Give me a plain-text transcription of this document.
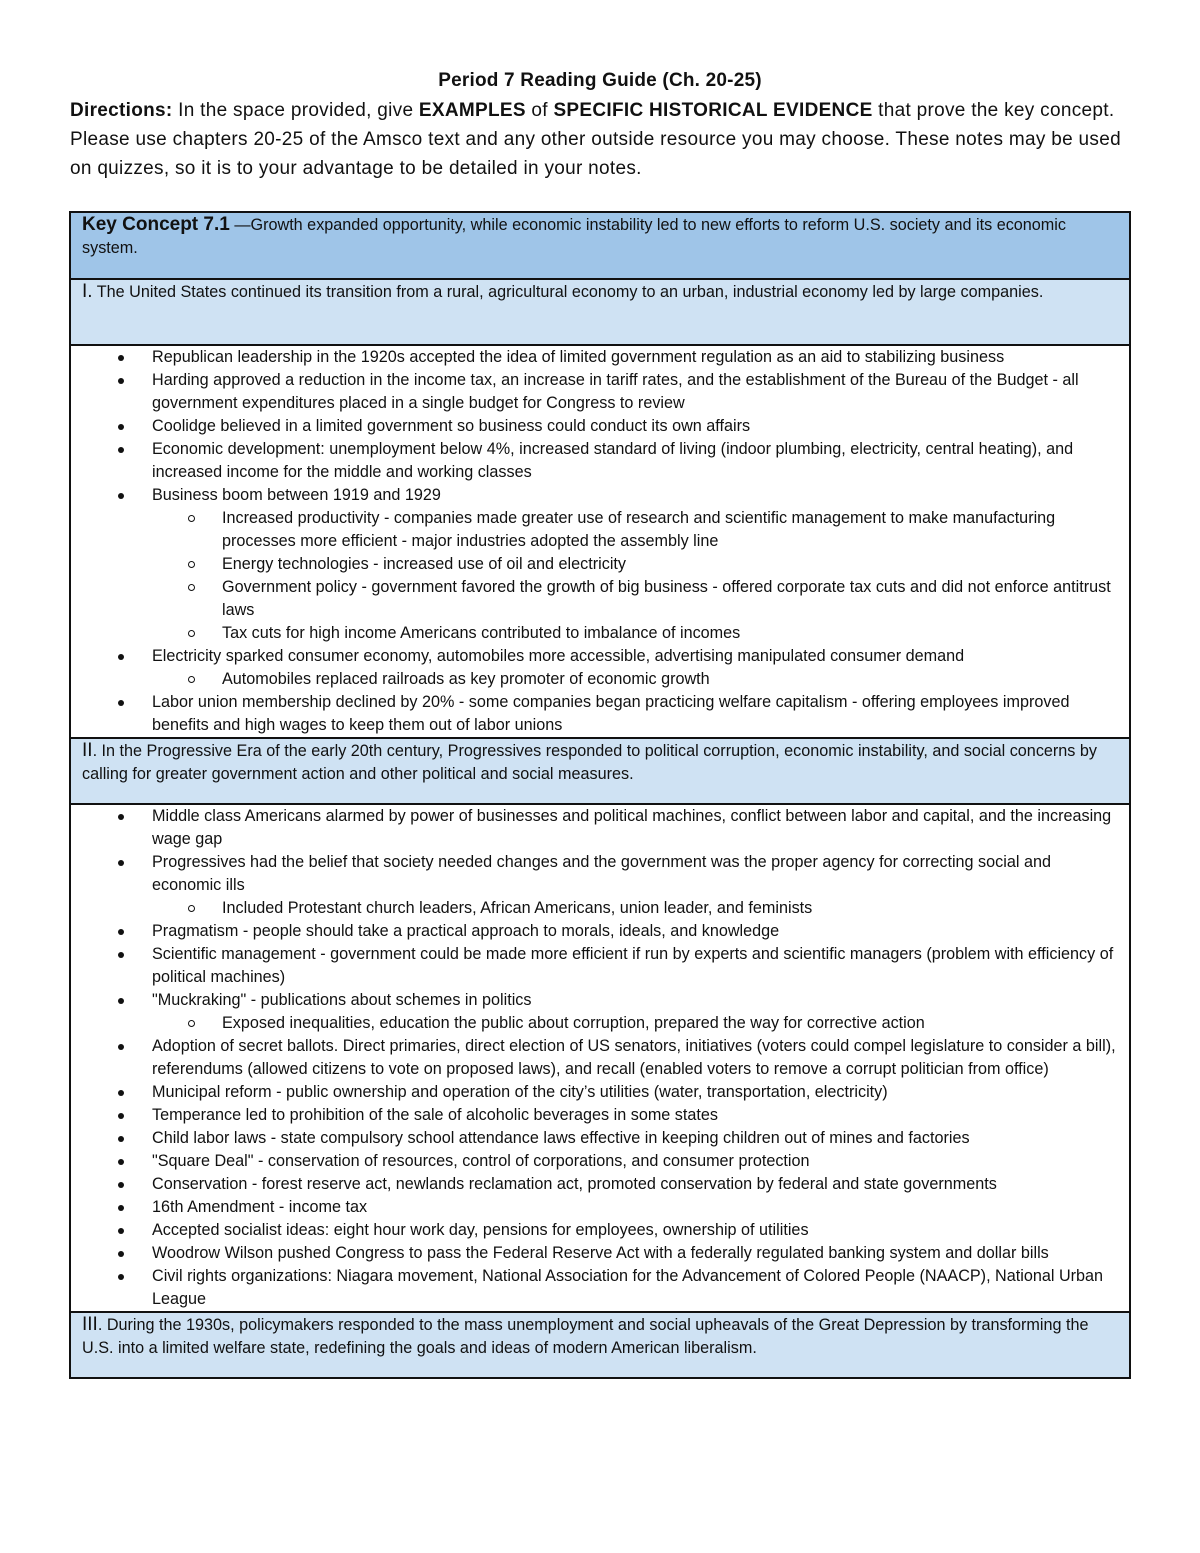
Period 7 Reading Guide (Ch. 20-25)
Directions: In the space provided, give EXAMPLES of SPECIFIC HISTORICAL EVIDENCE that prove the key concept. Please use chapters 20-25 of the Amsco text and any other outside resource you may choose. These notes may be used on quizzes, so it is to your advantage to be detailed in your notes.
Key Concept 7.1 —Growth expanded opportunity, while economic instability led to new efforts to reform U.S. society and its economic system.
I. The United States continued its transition from a rural, agricultural economy to an urban, industrial economy led by large companies.

Republican leadership in the 1920s accepted the idea of limited government regulation as an aid to stabilizing business
Harding approved a reduction in the income tax, an increase in tariff rates, and the establishment of the Bureau of the Budget - all government expenditures placed in a single budget for Congress to review
Coolidge believed in a limited government so business could conduct its own affairs
Economic development: unemployment below 4%, increased standard of living (indoor plumbing, electricity, central heating), and increased income for the middle and working classes
Business boom between 1919 and 1929
Increased productivity - companies made greater use of research and scientific management to make manufacturing processes more efficient - major industries adopted the assembly line
Energy technologies - increased use of oil and electricity
Government policy - government favored the growth of big business - offered corporate tax cuts and did not enforce antitrust laws
Tax cuts for high income Americans contributed to imbalance of incomes
Electricity sparked consumer economy, automobiles more accessible, advertising manipulated consumer demand
Automobiles replaced railroads as key promoter of economic growth
Labor union membership declined by 20% - some companies began practicing welfare capitalism - offering employees improved benefits and high wages to keep them out of labor unions

II. In the Progressive Era of the early 20th century, Progressives responded to political corruption, economic instability, and social concerns by calling for greater government action and other political and social measures.

Middle class Americans alarmed by power of businesses and political machines, conflict between labor and capital, and the increasing wage gap
Progressives had the belief that society needed changes and the government was the proper agency for correcting social and economic ills
Included Protestant church leaders, African Americans, union leader, and feminists
Pragmatism - people should take a practical approach to morals, ideals, and knowledge
Scientific management - government could be made more efficient if run by experts and scientific managers (problem with efficiency of political machines)
"Muckraking" - publications about schemes in politics
Exposed inequalities, education the public about corruption, prepared the way for corrective action
Adoption of secret ballots. Direct primaries, direct election of US senators, initiatives (voters could compel legislature to consider a bill), referendums (allowed citizens to vote on proposed laws), and recall (enabled voters to remove a corrupt politician from office)
Municipal reform - public ownership and operation of the city’s utilities (water, transportation, electricity)
Temperance led to prohibition of the sale of alcoholic beverages in some states
Child labor laws - state compulsory school attendance laws effective in keeping children out of mines and factories
"Square Deal" - conservation of resources, control of corporations, and consumer protection
Conservation - forest reserve act, newlands reclamation act, promoted conservation by federal and state governments
16th Amendment - income tax
Accepted socialist ideas: eight hour work day, pensions for employees, ownership of utilities
Woodrow Wilson pushed Congress to pass the Federal Reserve Act with a federally regulated banking system and dollar bills
Civil rights organizations: Niagara movement, National Association for the Advancement of Colored People (NAACP), National Urban League

III. During the 1930s, policymakers responded to the mass unemployment and social upheavals of the Great Depression by transforming the U.S. into a limited welfare state, redefining the goals and ideas of modern American liberalism.
